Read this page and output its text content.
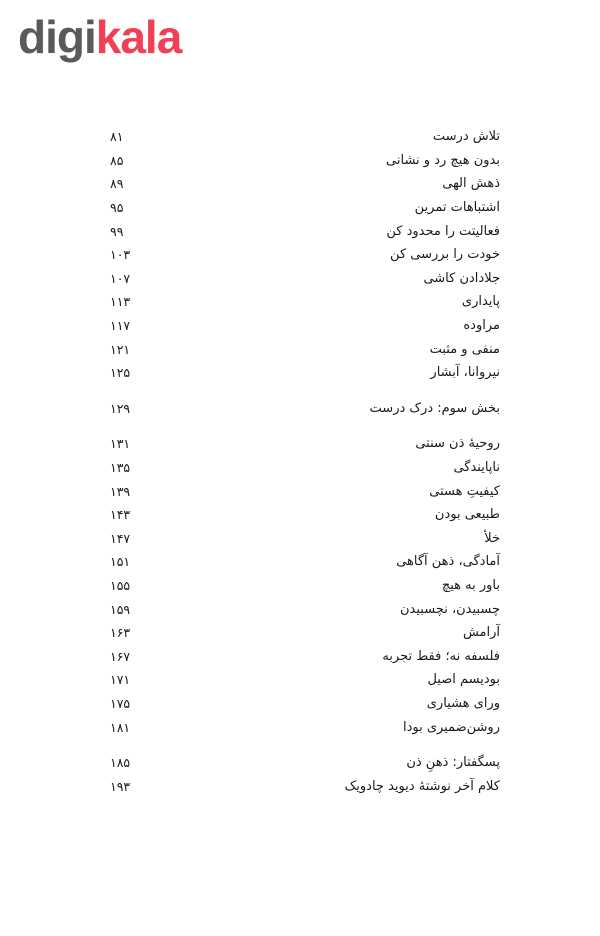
digikala
تلاش درست
۸۱
بدون هیچ رد و نشانی
۸۵
ذهش الهی
۸۹
اشتباهات تمرین
۹۵
فعالیتت را محدود کن
۹۹
خودت را بررسی کن
۱۰۳
جلادادن کاشی
۱۰۷
پایداری
۱۱۳
مراوده
۱۱۷
منفی و مثبت
۱۲۱
نیروانا، آبشار
۱۲۵
بخش سوم: درک درست
۱۲۹
روحیهٔ ذن سنتی
۱۳۱
ناپایندگی
۱۳۵
کیفیتِ هستی
۱۳۹
طبیعی بودن
۱۴۳
خلأ
۱۴۷
آمادگی، ذهن آگاهی
۱۵۱
باور به هیچ
۱۵۵
چسبیدن، نچسبیدن
۱۵۹
آرامش
۱۶۳
فلسفه نه؛ فقط تجربه
۱۶۷
بودیسم اصیل
۱۷۱
ورای هشیاری
۱۷۵
روشن‌ضمیری بودا
۱۸۱
پسگفتار: ذهنِ ذن
۱۸۵
کلام آخر نوشتهٔ دیوید چادویک
۱۹۳
